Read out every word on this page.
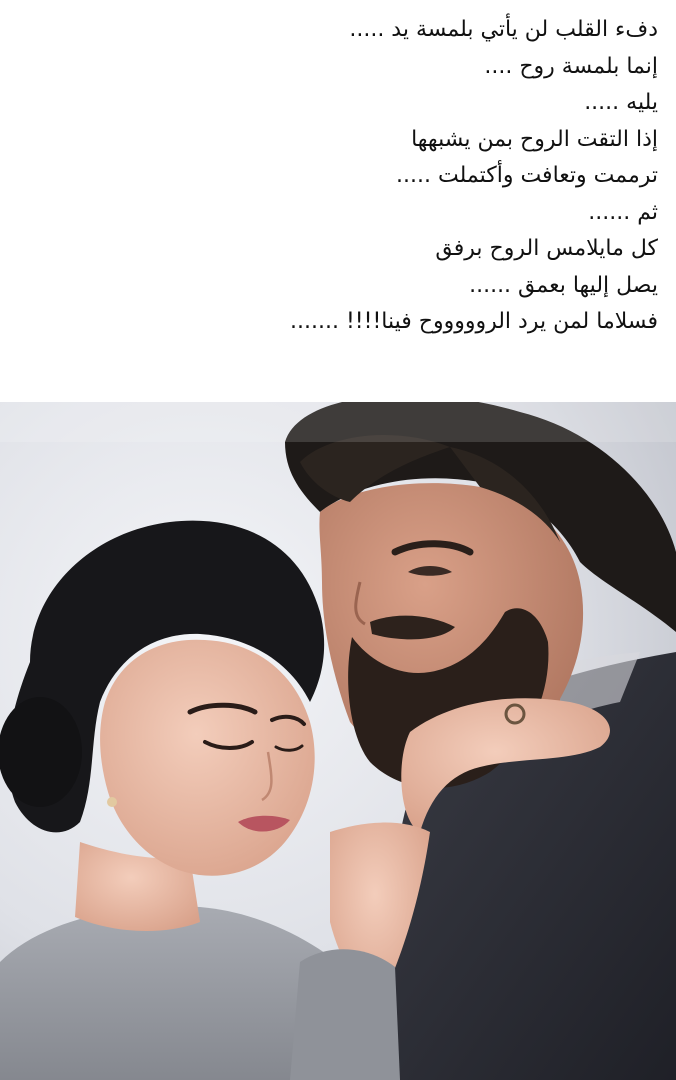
دفء القلب لن يأتي بلمسة يد .....
إنما بلمسة روح ....
يليه .....
إذا التقت الروح بمن يشبهها
ترممت وتعافت وأكتملت .....
ثم ......
كل مايلامس الروح برفق
يصل إليها بعمق ......
فسلاما لمن يرد الروووووح فينا!!!! .......
